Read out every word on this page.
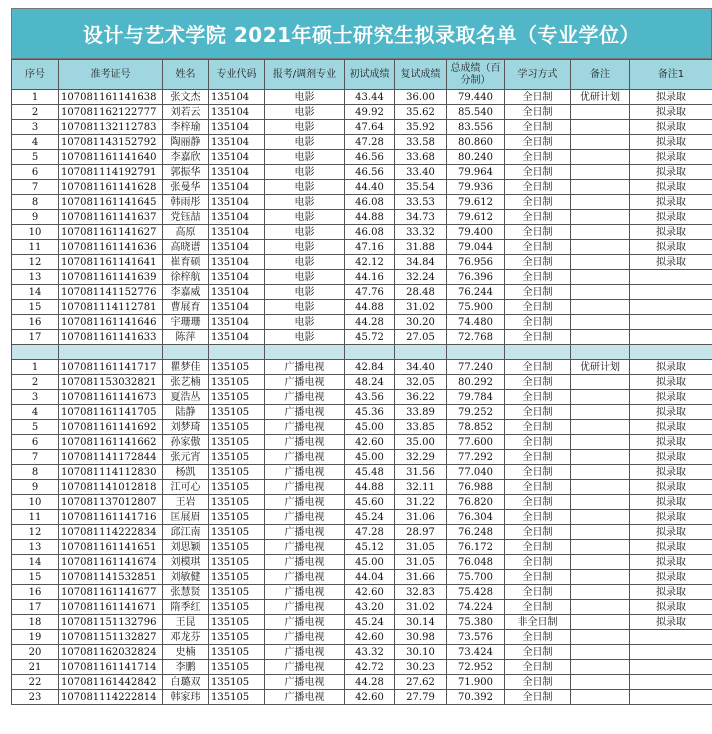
设计与艺术学院 2021年硕士研究生拟录取名单（专业学位）
序号	准考证号	姓名	专业代码	报考/调剂专业	初试成绩	复试成绩	总成绩（百分制）	学习方式	备注	备注1
1	107081161141638	张文杰	135104	电影	43.44	36.00	79.440	全日制	优研计划	拟录取
2	107081162122777	刘若云	135104	电影	49.92	35.62	85.540	全日制		拟录取
3	107081132112783	李梓瑜	135104	电影	47.64	35.92	83.556	全日制		拟录取
4	107081143152792	陶丽静	135104	电影	47.28	33.58	80.860	全日制		拟录取
5	107081161141640	李嘉欣	135104	电影	46.56	33.68	80.240	全日制		拟录取
6	107081114192791	郭振华	135104	电影	46.56	33.40	79.964	全日制		拟录取
7	107081161141628	张曼华	135104	电影	44.40	35.54	79.936	全日制		拟录取
8	107081161141645	韩雨彤	135104	电影	46.08	33.53	79.612	全日制		拟录取
9	107081161141637	党钰喆	135104	电影	44.88	34.73	79.612	全日制		拟录取
10	107081161141627	高原	135104	电影	46.08	33.32	79.400	全日制		拟录取
11	107081161141636	高晓谱	135104	电影	47.16	31.88	79.044	全日制		拟录取
12	107081161141641	崔育硕	135104	电影	42.12	34.84	76.956	全日制		拟录取
13	107081161141639	徐梓航	135104	电影	44.16	32.24	76.396	全日制		
14	107081141152776	李嘉威	135104	电影	47.76	28.48	76.244	全日制		
15	107081114112781	曹展育	135104	电影	44.88	31.02	75.900	全日制		
16	107081161141646	宇珊珊	135104	电影	44.28	30.20	74.480	全日制		
17	107081161141633	陈萍	135104	电影	45.72	27.05	72.768	全日制		

1	107081161141717	瞿梦佳	135105	广播电视	42.84	34.40	77.240	全日制	优研计划	拟录取
2	107081153032821	张艺楠	135105	广播电视	48.24	32.05	80.292	全日制		拟录取
3	107081161141673	夏浩丛	135105	广播电视	43.56	36.22	79.784	全日制		拟录取
4	107081161141705	陆静	135105	广播电视	45.36	33.89	79.252	全日制		拟录取
5	107081161141692	刘梦琦	135105	广播电视	45.00	33.85	78.852	全日制		拟录取
6	107081161141662	孙家傲	135105	广播电视	42.60	35.00	77.600	全日制		拟录取
7	107081141172844	张元宵	135105	广播电视	45.00	32.29	77.292	全日制		拟录取
8	107081114112830	杨凯	135105	广播电视	45.48	31.56	77.040	全日制		拟录取
9	107081141012818	江可心	135105	广播电视	44.88	32.11	76.988	全日制		拟录取
10	107081137012807	王岩	135105	广播电视	45.60	31.22	76.820	全日制		拟录取
11	107081161141716	匡展眉	135105	广播电视	45.24	31.06	76.304	全日制		拟录取
12	107081114222834	邱江南	135105	广播电视	47.28	28.97	76.248	全日制		拟录取
13	107081161141651	刘思颖	135105	广播电视	45.12	31.05	76.172	全日制		拟录取
14	107081161141674	刘模琪	135105	广播电视	45.00	31.05	76.048	全日制		拟录取
15	107081141532851	刘敏健	135105	广播电视	44.04	31.66	75.700	全日制		拟录取
16	107081161141677	张慧贤	135105	广播电视	42.60	32.83	75.428	全日制		拟录取
17	107081161141671	隋季红	135105	广播电视	43.20	31.02	74.224	全日制		拟录取
18	107081151132796	王昆	135105	广播电视	45.24	30.14	75.380	非全日制		拟录取
19	107081151132827	邓龙芬	135105	广播电视	42.60	30.98	73.576	全日制		
20	107081162032824	史楠	135105	广播电视	43.32	30.10	73.424	全日制		
21	107081161141714	李鹏	135105	广播电视	42.72	30.23	72.952	全日制		
22	107081161442842	白璐双	135105	广播电视	44.28	27.62	71.900	全日制		
23	107081114222814	韩家玮	135105	广播电视	42.60	27.79	70.392	全日制		
